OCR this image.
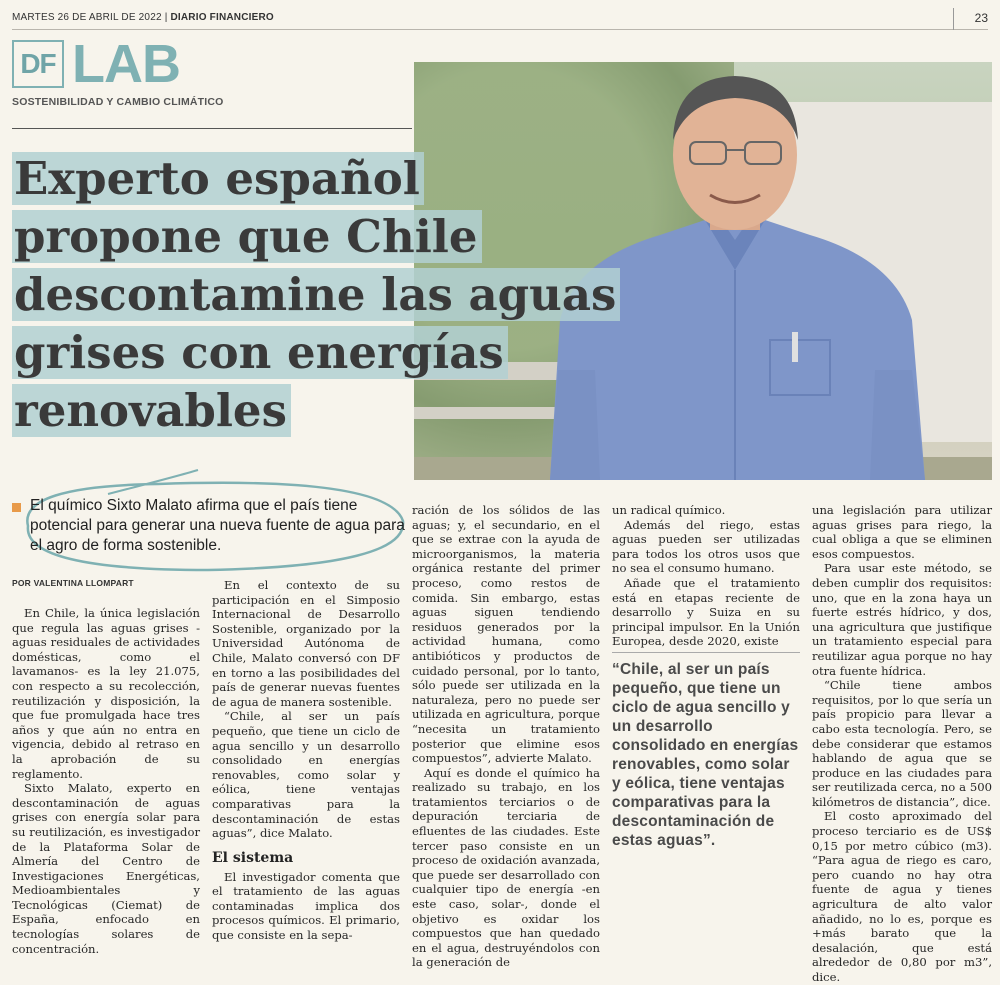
MARTES 26 DE ABRIL DE 2022 | DIARIO FINANCIERO	23
DF LAB
SOSTENIBILIDAD Y CAMBIO CLIMÁTICO
Experto español
propone que Chile
descontamine las aguas
grises con energías
renovables

El químico Sixto Malato afirma que el país tiene potencial para generar una nueva fuente de agua para el agro de forma sostenible.

POR VALENTINA LLOMPART

En Chile, la única legislación que regula las aguas grises -aguas residuales de actividades domésticas, como el lavamanos- es la ley 21.075, con respecto a su recolección, reutilización y disposición, la que fue promulgada hace tres años y que aún no entra en vigencia, debido al retraso en la aprobación de su reglamento.

Sixto Malato, experto en descontaminación de aguas grises con energía solar para su reutilización, es investigador de la Plataforma Solar de Almería del Centro de Investigaciones Energéticas, Medioambientales y Tecnológicas (Ciemat) de España, enfocado en tecnologías solares de concentración.

En el contexto de su participación en el Simposio Internacional de Desarrollo Sostenible, organizado por la Universidad Autónoma de Chile, Malato conversó con DF en torno a las posibilidades del país de generar nuevas fuentes de agua de manera sostenible.

“Chile, al ser un país pequeño, que tiene un ciclo de agua sencillo y un desarrollo consolidado en energías renovables, como solar y eólica, tiene ventajas comparativas para la descontaminación de estas aguas”, dice Malato.

El sistema

El investigador comenta que el tratamiento de las aguas contaminadas implica dos procesos químicos. El primario, que consiste en la sepa-

ración de los sólidos de las aguas; y, el secundario, en el que se extrae con la ayuda de microorganismos, la materia orgánica restante del primer proceso, como restos de comida. Sin embargo, estas aguas siguen tendiendo residuos generados por la actividad humana, como antibióticos y productos de cuidado personal, por lo tanto, sólo puede ser utilizada en la naturaleza, pero no puede ser utilizada en agricultura, porque “necesita un tratamiento posterior que elimine esos compuestos”, advierte Malato.

Aquí es donde el químico ha realizado su trabajo, en los tratamientos terciarios o de depuración terciaria de efluentes de las ciudades. Este tercer paso consiste en un proceso de oxidación avanzada, que puede ser desarrollado con cualquier tipo de energía -en este caso, solar-, donde el objetivo es oxidar los compuestos que han quedado en el agua, destruyéndolos con la generación de

un radical químico.

Además del riego, estas aguas pueden ser utilizadas para todos los otros usos que no sea el consumo humano.

Añade que el tratamiento está en etapas reciente de desarrollo y Suiza en su principal impulsor. En la Unión Europea, desde 2020, existe

“Chile, al ser un país pequeño, que tiene un ciclo de agua sencillo y un desarrollo consolidado en energías renovables, como solar y eólica, tiene ventajas comparativas para la descontaminación de estas aguas”.

una legislación para utilizar aguas grises para riego, la cual obliga a que se eliminen esos compuestos.

Para usar este método, se deben cumplir dos requisitos: uno, que en la zona haya un fuerte estrés hídrico, y dos, una agricultura que justifique un tratamiento especial para reutilizar agua porque no hay otra fuente hídrica.

“Chile tiene ambos requisitos, por lo que sería un país propicio para llevar a cabo esta tecnología. Pero, se debe considerar que estamos hablando de agua que se produce en las ciudades para ser reutilizada cerca, no a 500 kilómetros de distancia”, dice.

El costo aproximado del proceso terciario es de US$ 0,15 por metro cúbico (m3). “Para agua de riego es caro, pero cuando no hay otra fuente de agua y tienes agricultura de alto valor añadido, no lo es, porque es +más barato que la desalación, que está alrededor de 0,80 por m3”, dice.
